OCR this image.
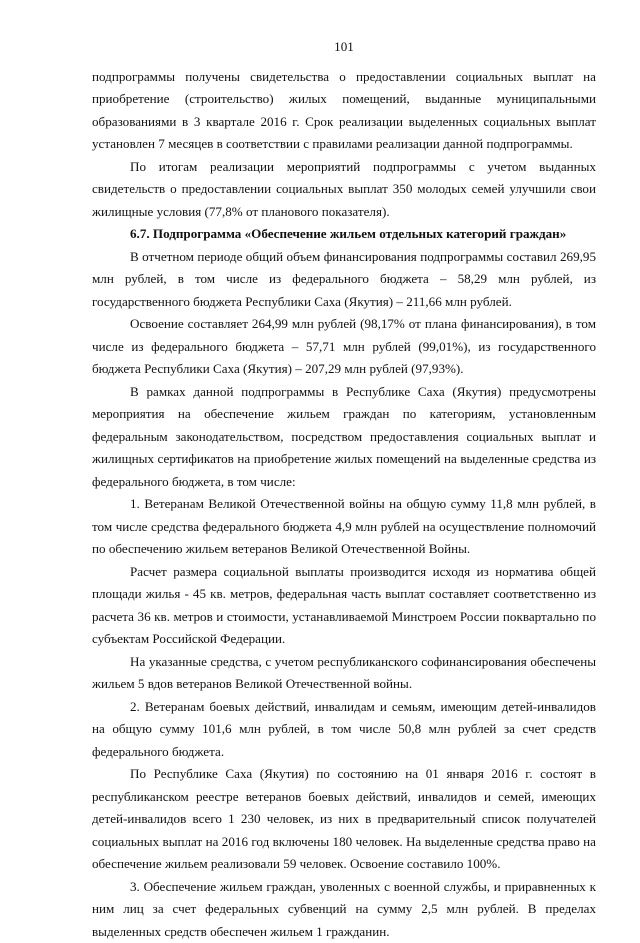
101

подпрограммы получены свидетельства о предоставлении социальных выплат на приобретение (строительство) жилых помещений, выданные муниципальными образованиями в 3 квартале 2016 г. Срок реализации выделенных социальных выплат установлен 7 месяцев в соответствии с правилами реализации данной подпрограммы.

По итогам реализации мероприятий подпрограммы с учетом выданных свидетельств о предоставлении социальных выплат 350 молодых семей улучшили свои жилищные условия (77,8% от планового показателя).

6.7. Подпрограмма «Обеспечение жильем отдельных категорий граждан»

В отчетном периоде общий объем финансирования подпрограммы составил 269,95 млн рублей, в том числе из федерального бюджета – 58,29 млн рублей, из государственного бюджета Республики Саха (Якутия) – 211,66 млн рублей.

Освоение составляет 264,99 млн рублей (98,17% от плана финансирования), в том числе из федерального бюджета – 57,71 млн рублей (99,01%), из государственного бюджета Республики Саха (Якутия) – 207,29 млн рублей (97,93%).

В рамках данной подпрограммы в Республике Саха (Якутия) предусмотрены мероприятия на обеспечение жильем граждан по категориям, установленным федеральным законодательством, посредством предоставления социальных выплат и жилищных сертификатов на приобретение жилых помещений на выделенные средства из федерального бюджета, в том числе:

1. Ветеранам Великой Отечественной войны на общую сумму 11,8 млн рублей, в том числе средства федерального бюджета 4,9 млн рублей на осуществление полномочий по обеспечению жильем ветеранов Великой Отечественной Войны.

Расчет размера социальной выплаты производится исходя из норматива общей площади жилья - 45 кв. метров, федеральная часть выплат составляет соответственно из расчета 36 кв. метров и стоимости, устанавливаемой Минстроем России поквартально по субъектам Российской Федерации.

На указанные средства, с учетом республиканского софинансирования обеспечены жильем 5 вдов ветеранов Великой Отечественной войны.

2. Ветеранам боевых действий, инвалидам и семьям, имеющим детей-инвалидов на общую сумму 101,6 млн рублей, в том числе 50,8 млн рублей за счет средств федерального бюджета.

По Республике Саха (Якутия) по состоянию на 01 января 2016 г. состоят в республиканском реестре ветеранов боевых действий, инвалидов и семей, имеющих детей-инвалидов всего 1 230 человек, из них в предварительный список получателей социальных выплат на 2016 год включены 180 человек. На выделенные средства право на обеспечение жильем реализовали 59 человек. Освоение составило 100%.

3. Обеспечение жильем граждан, уволенных с военной службы, и приравненных к ним лиц за счет федеральных субвенций на сумму 2,5 млн рублей. В пределах выделенных средств обеспечен жильем 1 гражданин.
